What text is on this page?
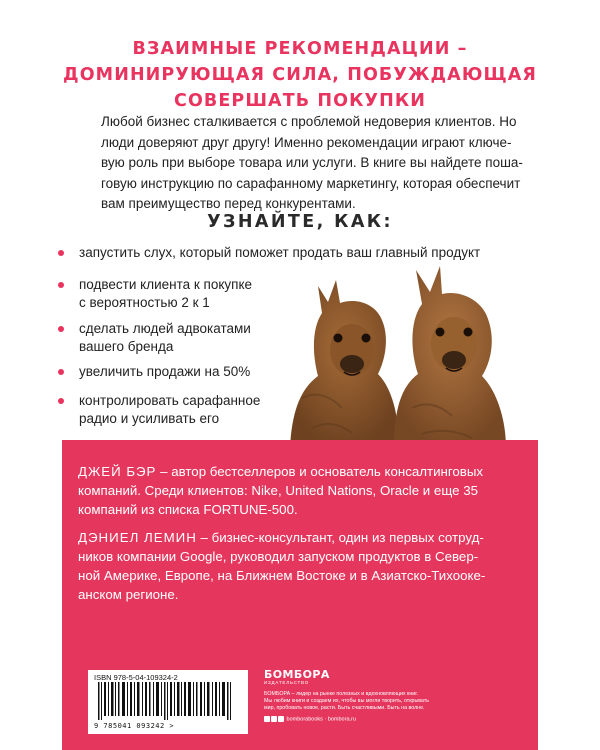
ВЗАИМНЫЕ РЕКОМЕНДАЦИИ –
ДОМИНИРУЮЩАЯ СИЛА, ПОБУЖДАЮЩАЯ
СОВЕРШАТЬ ПОКУПКИ
Любой бизнес сталкивается с проблемой недоверия клиентов. Но
люди доверяют друг другу! Именно рекомендации играют ключе-
вую роль при выборе товара или услуги. В книге вы найдете поша-
говую инструкцию по сарафанному маркетингу, которая обеспечит
вам преимущество перед конкурентами.
УЗНАЙТЕ, КАК:
запустить слух, который поможет продать ваш главный продукт
подвести клиента к покупке
с вероятностью 2 к 1
сделать людей адвокатами
вашего бренда
увеличить продажи на 50%
контролировать сарафанное
радио и усиливать его
ДЖЕЙ БЭР – автор бестселлеров и основатель консалтинговых
компаний. Среди клиентов: Nike, United Nations, Oracle и еще 35
компаний из списка FORTUNE-500.
ДЭНИЕЛ ЛЕМИН – бизнес-консультант, один из первых сотруд-
ников компании Google, руководил запуском продуктов в Север-
ной Америке, Европе, на Ближнем Востоке и в Азиатско-Тихооке-
анском регионе.
ISBN 978-5-04-109324-2
9 785041 093242 >
БОМБОРА
ИЗДАТЕЛЬСТВО
БОМБОРА – лидер на рынке полезных и вдохновляющих книг.
Мы любим книги и создаем их, чтобы вы могли творить, открывать
мир, пробовать новое, расти. Быть счастливыми. Быть на волне.
bomborabooks · bombora.ru
